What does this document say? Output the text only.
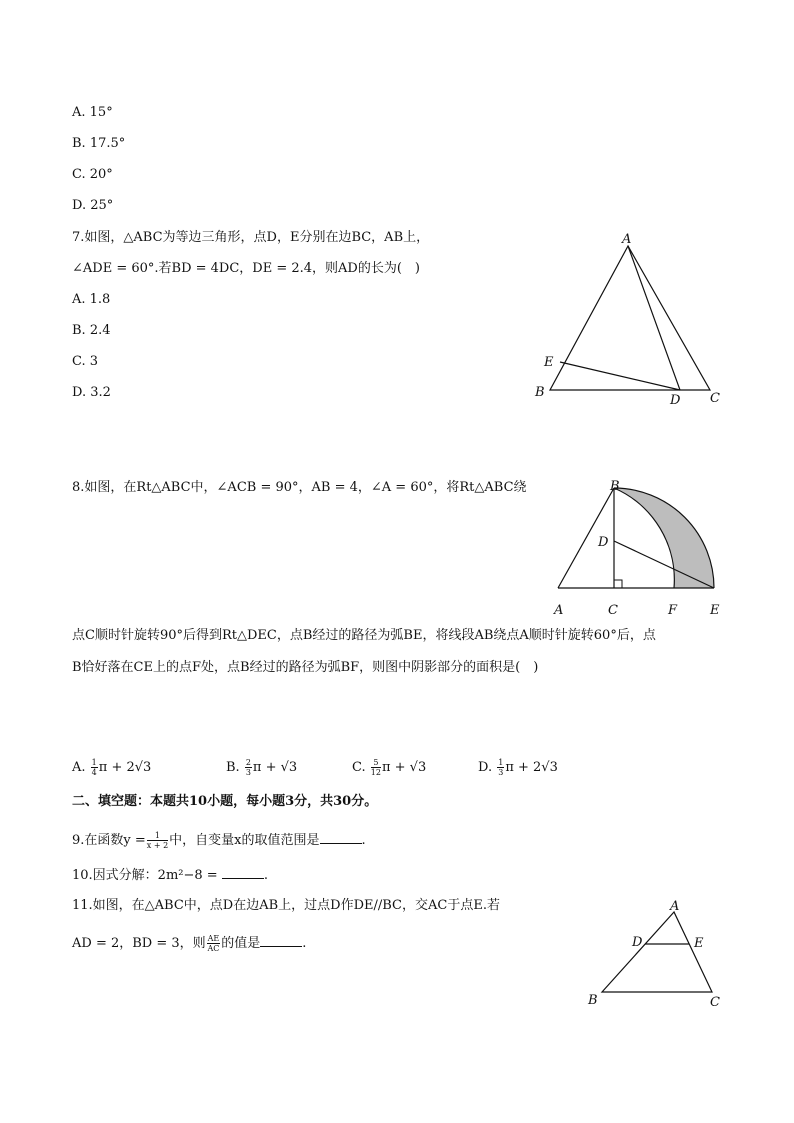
A. 15°
B. 17.5°
C. 20°
D. 25°
7.如图，△ABC为等边三角形，点D，E分别在边BC，AB上，
∠ADE = 60°.若BD = 4DC，DE = 2.4，则AD的长为(　)
A. 1.8
B. 2.4
C. 3
D. 3.2
A
B	C
D
E
8.如图，在Rt△ABC中，∠ACB = 90°，AB = 4，∠A = 60°，将Rt△ABC绕	B
A	C
D
F	E
点C顺时针旋转90°后得到Rt△DEC，点B经过的路径为弧BE，将线段AB绕点A顺时针旋转60°后，点
B恰好落在CE上的点F处，点B经过的路径为弧BF，则图中阴影部分的面积是(　)
A. $\frac{1}{4}$ π + 2√3	B. $\frac{2}{3}$ π + √3	C. $\frac{5}{12}$ π + √3	D. $\frac{1}{3}$ π + 2√3
二、填空题：本题共10小题，每小题3分，共30分。
9.在函数$y = \frac{1}{x + 2}$ 中，自变量x的取值范围是	.
10.因式分解：2m²−8 =	.
11.如图，在△ABC中，点D在边AB上，过点D作DE//BC，交AC于点E.若
AD = 2，BD = 3，则 $\frac{AE}{AC}$ 的值是	.
A
B	C
D	E
